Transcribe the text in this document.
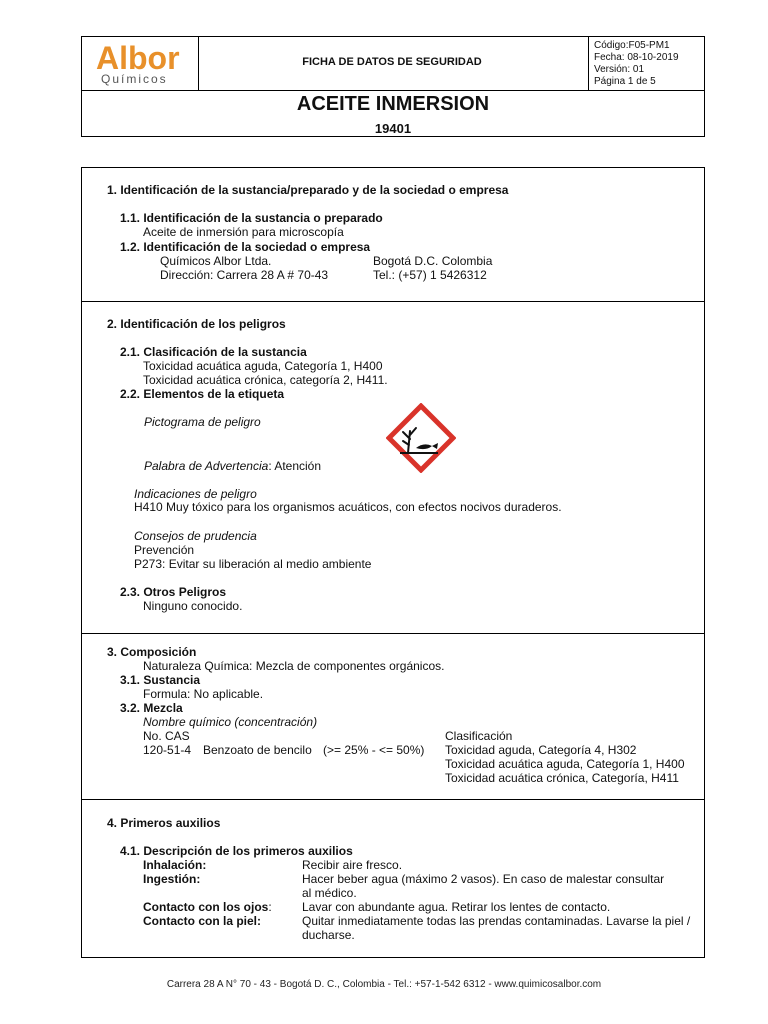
Albor
Químicos
FICHA DE DATOS DE SEGURIDAD
Código:F05-PM1
Fecha: 08-10-2019
Versión: 01
Página 1 de 5
ACEITE INMERSION
19401
1. Identificación de la sustancia/preparado y de la sociedad o empresa
1.1. Identificación de la sustancia o preparado
Aceite de inmersión para microscopía
1.2. Identificación de la sociedad o empresa
Químicos Albor Ltda.	Bogotá D.C. Colombia
Dirección: Carrera 28 A # 70-43	Tel.: (+57) 1 5426312
2. Identificación de los peligros
2.1. Clasificación de la sustancia
Toxicidad acuática aguda, Categoría 1, H400
Toxicidad acuática crónica, categoría 2, H411.
2.2. Elementos de la etiqueta
Pictograma de peligro
Palabra de Advertencia: Atención
Indicaciones de peligro
H410 Muy tóxico para los organismos acuáticos, con efectos nocivos duraderos.
Consejos de prudencia
Prevención
P273: Evitar su liberación al medio ambiente
2.3. Otros Peligros
Ninguno conocido.
3. Composición
Naturaleza Química: Mezcla de componentes orgánicos.
3.1. Sustancia
Formula: No aplicable.
3.2. Mezcla
Nombre químico (concentración)
No. CAS	Clasificación
120-51-4 Benzoato de bencilo (>= 25% - <= 50%) Toxicidad aguda, Categoría 4, H302
Toxicidad acuática aguda, Categoría 1, H400
Toxicidad acuática crónica, Categoría, H411
4. Primeros auxilios
4.1. Descripción de los primeros auxilios
Inhalación:	Recibir aire fresco.
Ingestión:	Hacer beber agua (máximo 2 vasos). En caso de malestar consultar
al médico.
Contacto con los ojos:	Lavar con abundante agua. Retirar los lentes de contacto.
Contacto con la piel:	Quitar inmediatamente todas las prendas contaminadas. Lavarse la piel /
ducharse.
Carrera 28 A N° 70 - 43 - Bogotá D. C., Colombia - Tel.: +57-1-542 6312 - www.quimicosalbor.com
